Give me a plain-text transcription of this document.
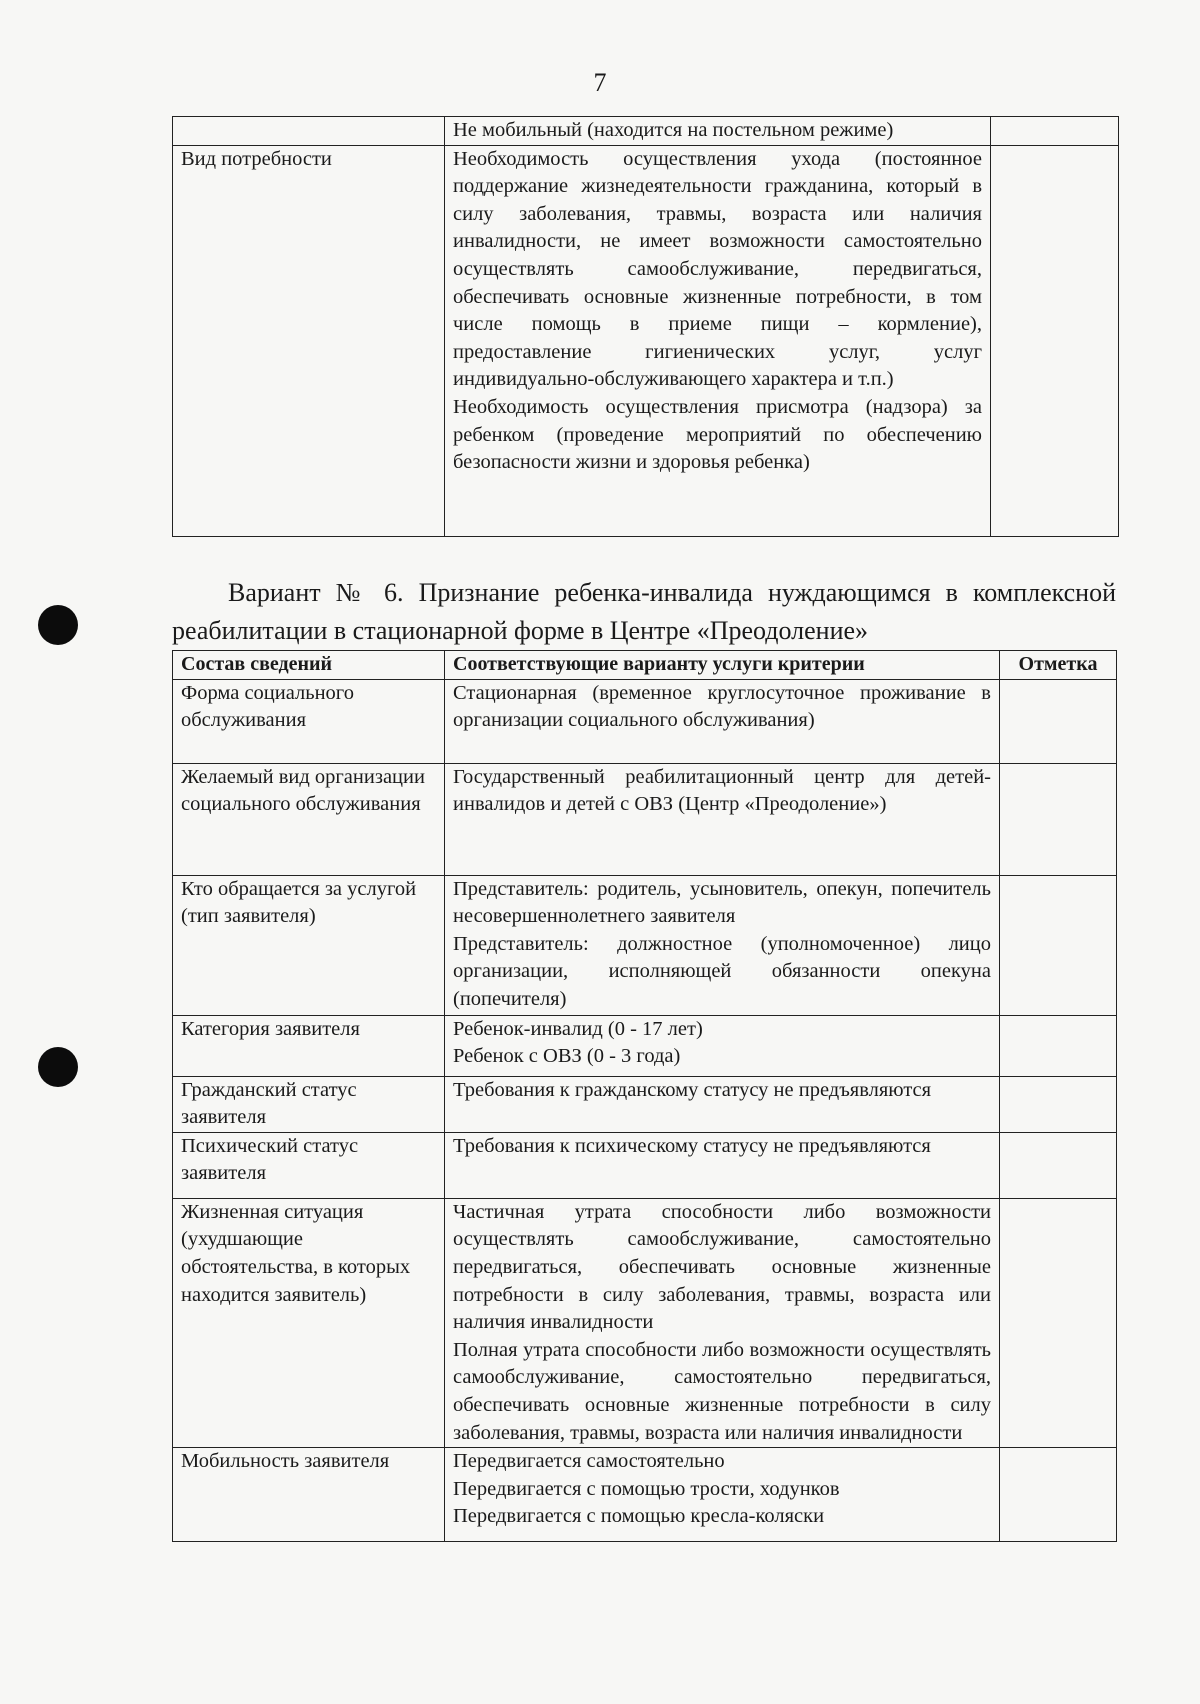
7

	Не мобильный (находится на постельном режиме)	

Вид потребности	Необходимость осуществления ухода (постоянное поддержание жизнедеятельности гражданина, который в силу заболевания, травмы, возраста или наличия инвалидности, не имеет возможности самостоятельно осуществлять самообслуживание, передвигаться, обеспечивать основные жизненные потребности, в том числе помощь в приеме пищи – кормление), предоставление гигиенических услуг, услуг индивидуально-обслуживающего характера и т.п.)
Необходимость осуществления присмотра (надзора) за ребенком (проведение мероприятий по обеспечению безопасности жизни и здоровья ребенка)	

Вариант № 6. Признание ребенка-инвалида нуждающимся в комплексной реабилитации в стационарной форме в Центре «Преодоление»
Состав сведений	Соответствующие варианту услуги критерии	Отметка
Форма социального обслуживания	Стационарная (временное круглосуточное проживание в организации социального обслуживания)	

Желаемый вид организации социального обслуживания	Государственный реабилитационный центр для детей-инвалидов и детей с ОВЗ (Центр «Преодоление»)	

Кто обращается за услугой (тип заявителя)	Представитель: родитель, усыновитель, опекун, попечитель несовершеннолетнего заявителя
Представитель: должностное (уполномоченное) лицо организации, исполняющей обязанности опекуна (попечителя)	

Категория заявителя	Ребенок-инвалид (0 - 17 лет)
Ребенок с ОВЗ (0 - 3 года)	

Гражданский статус заявителя	Требования к гражданскому статусу не предъявляются	

Психический статус заявителя	Требования к психическому статусу не предъявляются	

Жизненная ситуация (ухудшающие обстоятельства, в которых находится заявитель)	Частичная утрата способности либо возможности осуществлять самообслуживание, самостоятельно передвигаться, обеспечивать основные жизненные потребности в силу заболевания, травмы, возраста или наличия инвалидности
Полная утрата способности либо возможности осуществлять самообслуживание, самостоятельно передвигаться, обеспечивать основные жизненные потребности в силу заболевания, травмы, возраста или наличия инвалидности	

Мобильность заявителя	Передвигается самостоятельно
Передвигается с помощью трости, ходунков
Передвигается с помощью кресла-коляски	
